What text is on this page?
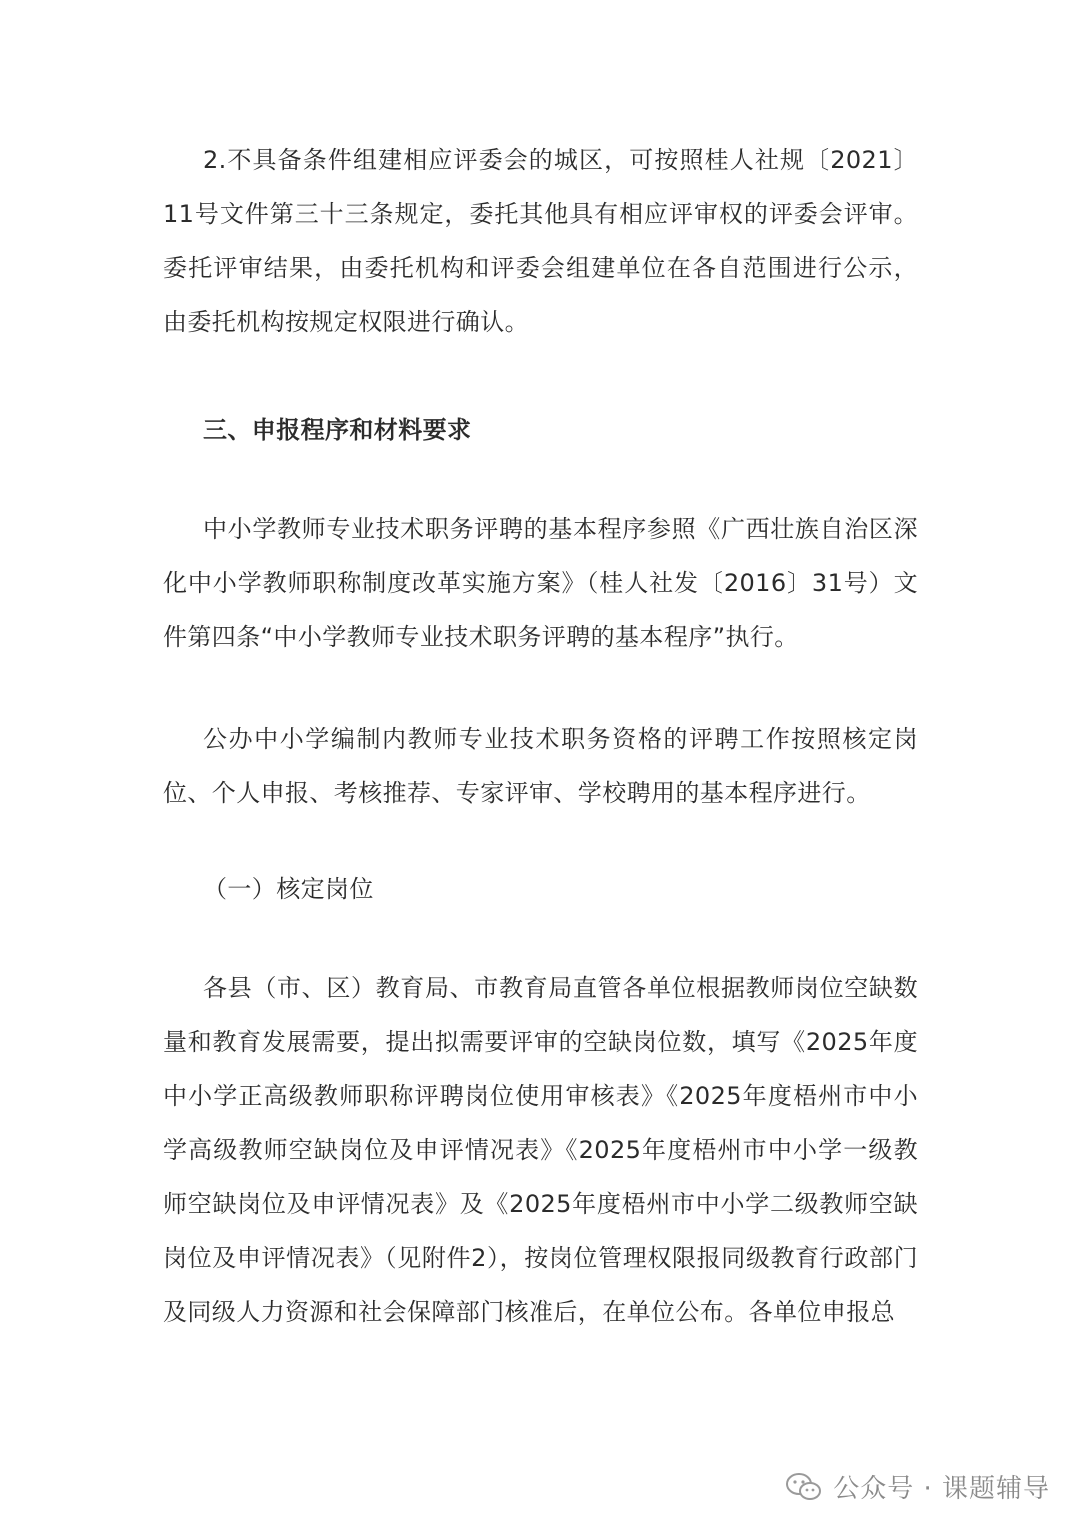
2.不具备条件组建相应评委会的城区，可按照桂人社规〔2021〕11号文件第三十三条规定，委托其他具有相应评审权的评委会评审。委托评审结果，由委托机构和评委会组建单位在各自范围进行公示，由委托机构按规定权限进行确认。

三、申报程序和材料要求

中小学教师专业技术职务评聘的基本程序参照《广西壮族自治区深化中小学教师职称制度改革实施方案》（桂人社发〔2016〕31号）文件第四条“中小学教师专业技术职务评聘的基本程序”执行。

公办中小学编制内教师专业技术职务资格的评聘工作按照核定岗位、个人申报、考核推荐、专家评审、学校聘用的基本程序进行。

（一）核定岗位

各县（市、区）教育局、市教育局直管各单位根据教师岗位空缺数量和教育发展需要，提出拟需要评审的空缺岗位数，填写《2025年度中小学正高级教师职称评聘岗位使用审核表》《2025年度梧州市中小学高级教师空缺岗位及申评情况表》《2025年度梧州市中小学一级教师空缺岗位及申评情况表》及《2025年度梧州市中小学二级教师空缺岗位及申评情况表》（见附件2），按岗位管理权限报同级教育行政部门及同级人力资源和社会保障部门核准后，在单位公布。各单位申报总

公众号 · 课题辅导
